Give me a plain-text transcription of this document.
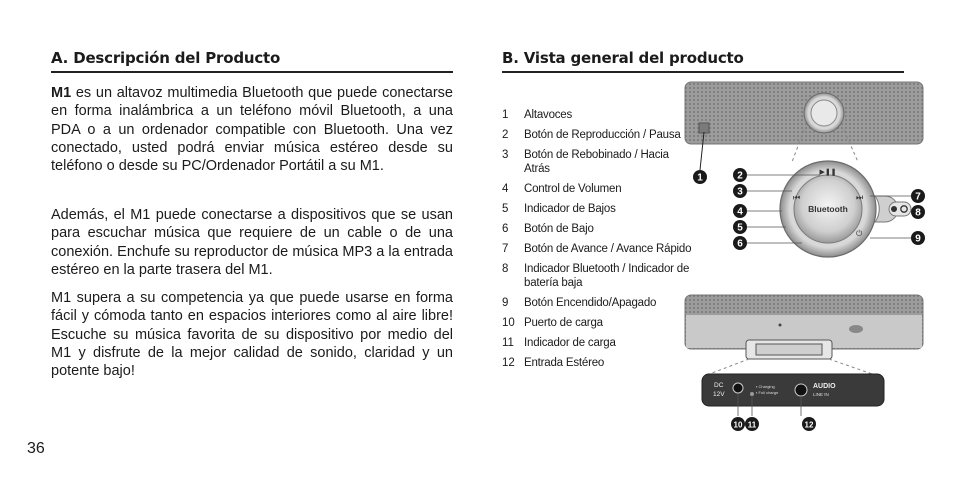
A. Descripción del Producto

M1 es un altavoz multimedia Bluetooth que puede conectarse en forma inalámbrica a un teléfono móvil Bluetooth, a una PDA o a un ordenador compatible con Bluetooth. Una vez conectado, usted podrá enviar música estéreo desde su teléfono o desde su PC/Ordenador Portátil a su M1.

Además, el M1 puede conectarse a dispositivos que se usan para escuchar música que requiere de un cable o de una conexión. Enchufe su reproductor de música MP3 a la entrada estéreo en la parte trasera del M1.

M1 supera a su competencia ya que puede usarse en forma fácil y cómoda tanto en espacios interiores como al aire libre! Escuche su música favorita de su dispositivo por medio del M1 y disfrute de la mejor calidad de sonido, claridad y un potente bajo!

36
B. Vista general del producto
1	Altavoces
2	Botón de Reproducción / Pausa
3	Botón de Rebobinado / Hacia Atrás
4	Control de Volumen
5	Indicador de Bajos
6	Botón de Bajo
7	Botón de Avance / Avance Rápido
8	Indicador Bluetooth / Indicador de batería baja
9	Botón Encendido/Apagado
10 Puerto de carga
11 Indicador de carga
12 Entrada Estéreo
Bluetooth
▶❚❚
⏮	⏭
⏻
DC
12V
▪ Charging
▪ Full charge
AUDIO
LINE IN
1	2
3
4
5
6
7
8
9
10 11	12
